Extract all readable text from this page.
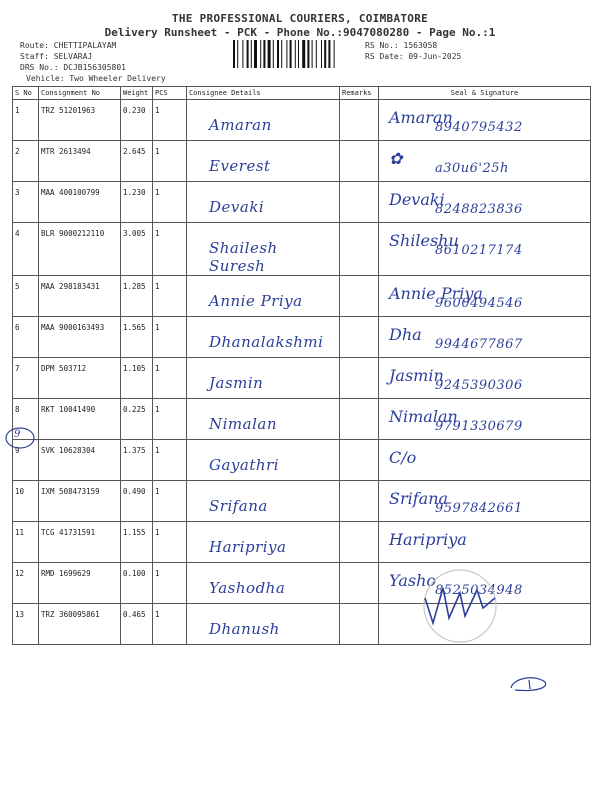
THE PROFESSIONAL COURIERS, COIMBATORE
Delivery Runsheet - PCK - Phone No.:9047080280 - Page No.:1
Route: CHETTIPALAYAM
Staff: SELVARAJ
DRS No.: DCJB156305801
Vehicle: Two Wheeler Delivery
RS No.: 1563058
RS Date: 09-Jun-2025
S No	Consignment No	Weight	PCS	Consignee Details	Remarks	Seal & Signature
1	TRZ 51201963	0.230	1	Amaran		Amaran
8940795432

2	MTR 2613494	2.645	1	Everest		✿
a30u6'25h

3	MAA 400100799	1.230	1	Devaki		Devaki
8248823836

4	BLR 9000212110	3.005	1	Shailesh Suresh		Shileshu
8610217174

5	MAA 298183431	1.285	1	Annie Priya		Annie Priya
9600494546

6	MAA 9000163493	1.565	1	Dhanalakshmi		Dha
9944677867

7	DPM 503712	1.105	1	Jasmin		Jasmin
9245390306

8	RKT 10041490	0.225	1	Nimalan		Nimalan
9791330679

9	SVK 10628304	1.375	1	Gayathri		C/o

10	IXM 508473159	0.490	1	Srifana		Srifana
9597842661

11	TCG 41731591	1.155	1	Haripriya		Haripriya

12	RMD 1699629	0.100	1	Yashodha		Yasho
8525034948

13	TRZ 360095861	0.465	1	Dhanush		

9
